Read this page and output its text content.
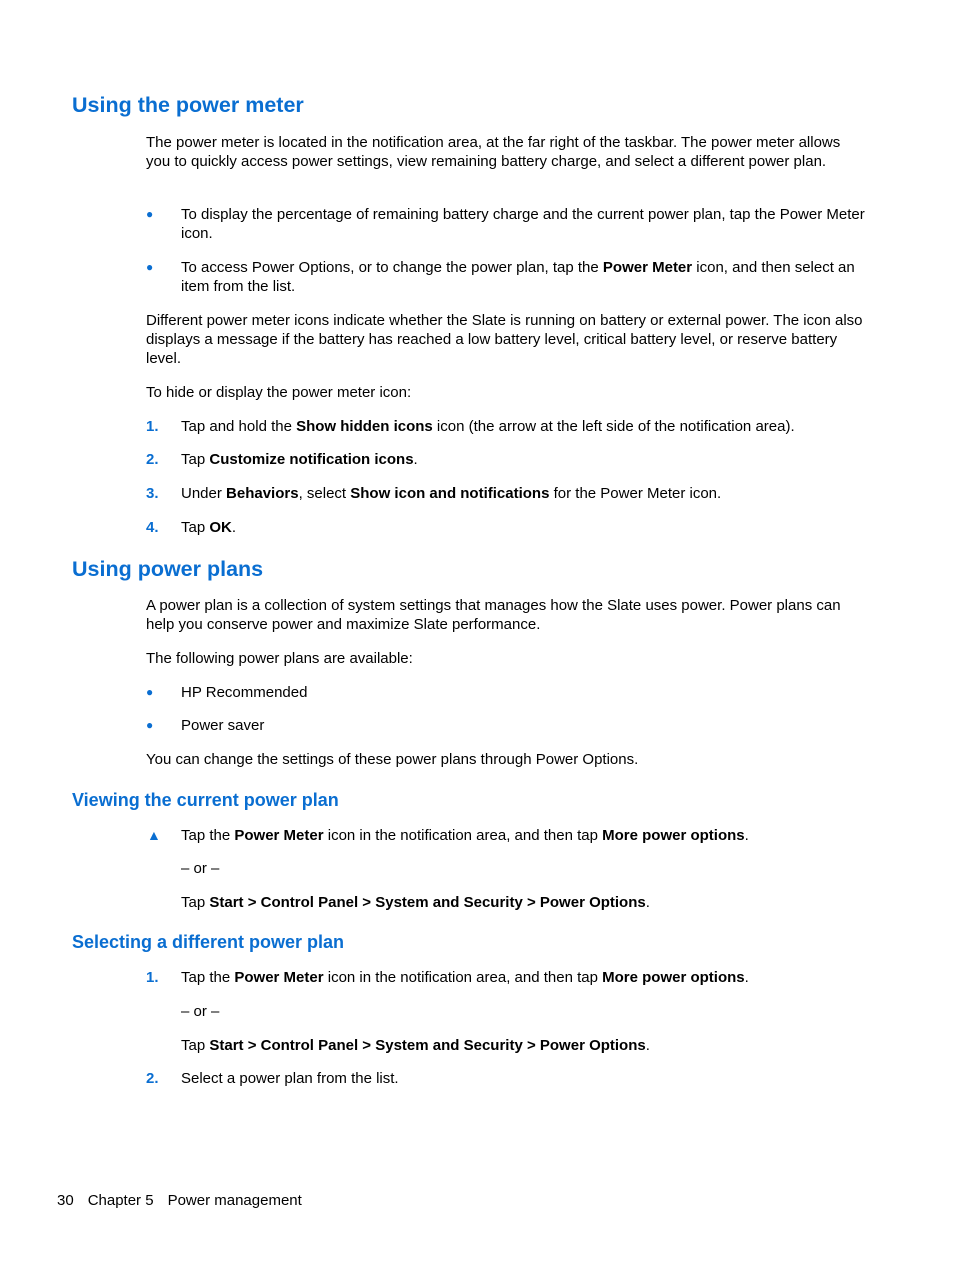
Using the power meter
The power meter is located in the notification area, at the far right of the taskbar. The power meter allows you to quickly access power settings, view remaining battery charge, and select a different power plan.
● To display the percentage of remaining battery charge and the current power plan, tap the Power Meter icon.
● To access Power Options, or to change the power plan, tap the Power Meter icon, and then select an item from the list.
Different power meter icons indicate whether the Slate is running on battery or external power. The icon also displays a message if the battery has reached a low battery level, critical battery level, or reserve battery level.
To hide or display the power meter icon:
1. Tap and hold the Show hidden icons icon (the arrow at the left side of the notification area).
2. Tap Customize notification icons.
3. Under Behaviors, select Show icon and notifications for the Power Meter icon.
4. Tap OK.
Using power plans
A power plan is a collection of system settings that manages how the Slate uses power. Power plans can help you conserve power and maximize Slate performance.
The following power plans are available:
● HP Recommended
● Power saver
You can change the settings of these power plans through Power Options.
Viewing the current power plan
▲ Tap the Power Meter icon in the notification area, and then tap More power options.
– or –
Tap Start > Control Panel > System and Security > Power Options.
Selecting a different power plan
1. Tap the Power Meter icon in the notification area, and then tap More power options.
– or –
Tap Start > Control Panel > System and Security > Power Options.
2. Select a power plan from the list.
30 Chapter 5 Power management
